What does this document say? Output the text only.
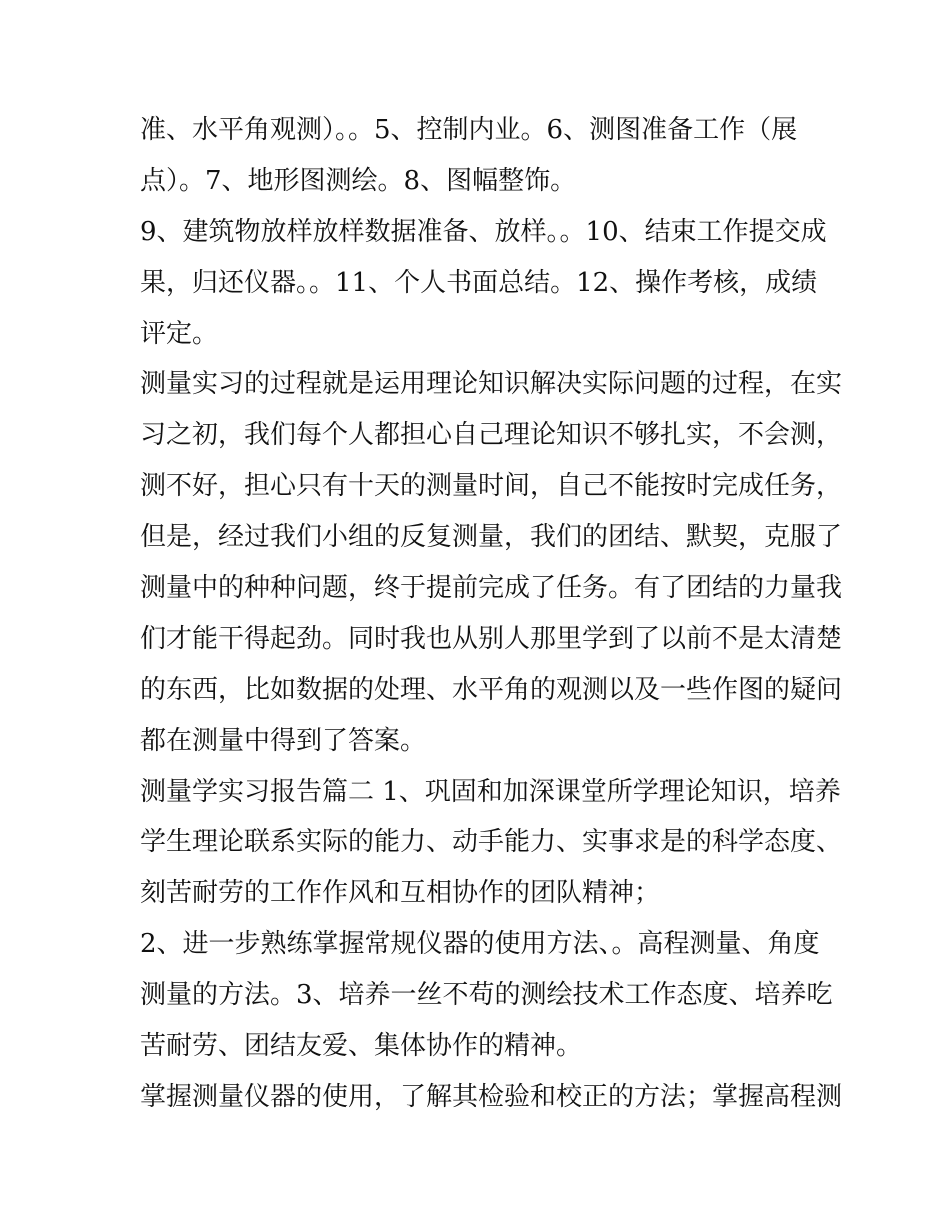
准、水平角观测）。。5、控制内业。6、测图准备工作（展
点）。7、地形图测绘。8、图幅整饰。
9、建筑物放样放样数据准备、放样。。10、结束工作提交成
果，归还仪器。。11、个人书面总结。12、操作考核，成绩
评定。
测量实习的过程就是运用理论知识解决实际问题的过程，在实
习之初，我们每个人都担心自己理论知识不够扎实，不会测，
测不好，担心只有十天的测量时间，自己不能按时完成任务，
但是，经过我们小组的反复测量，我们的团结、默契，克服了
测量中的种种问题，终于提前完成了任务。有了团结的力量我
们才能干得起劲。同时我也从别人那里学到了以前不是太清楚
的东西，比如数据的处理、水平角的观测以及一些作图的疑问
都在测量中得到了答案。
测量学实习报告篇二 1、巩固和加深课堂所学理论知识，培养
学生理论联系实际的能力、动手能力、实事求是的科学态度、
刻苦耐劳的工作作风和互相协作的团队精神；
2、进一步熟练掌握常规仪器的使用方法、。高程测量、角度
测量的方法。3、培养一丝不苟的测绘技术工作态度、培养吃
苦耐劳、团结友爱、集体协作的精神。
掌握测量仪器的使用，了解其检验和校正的方法；掌握高程测
